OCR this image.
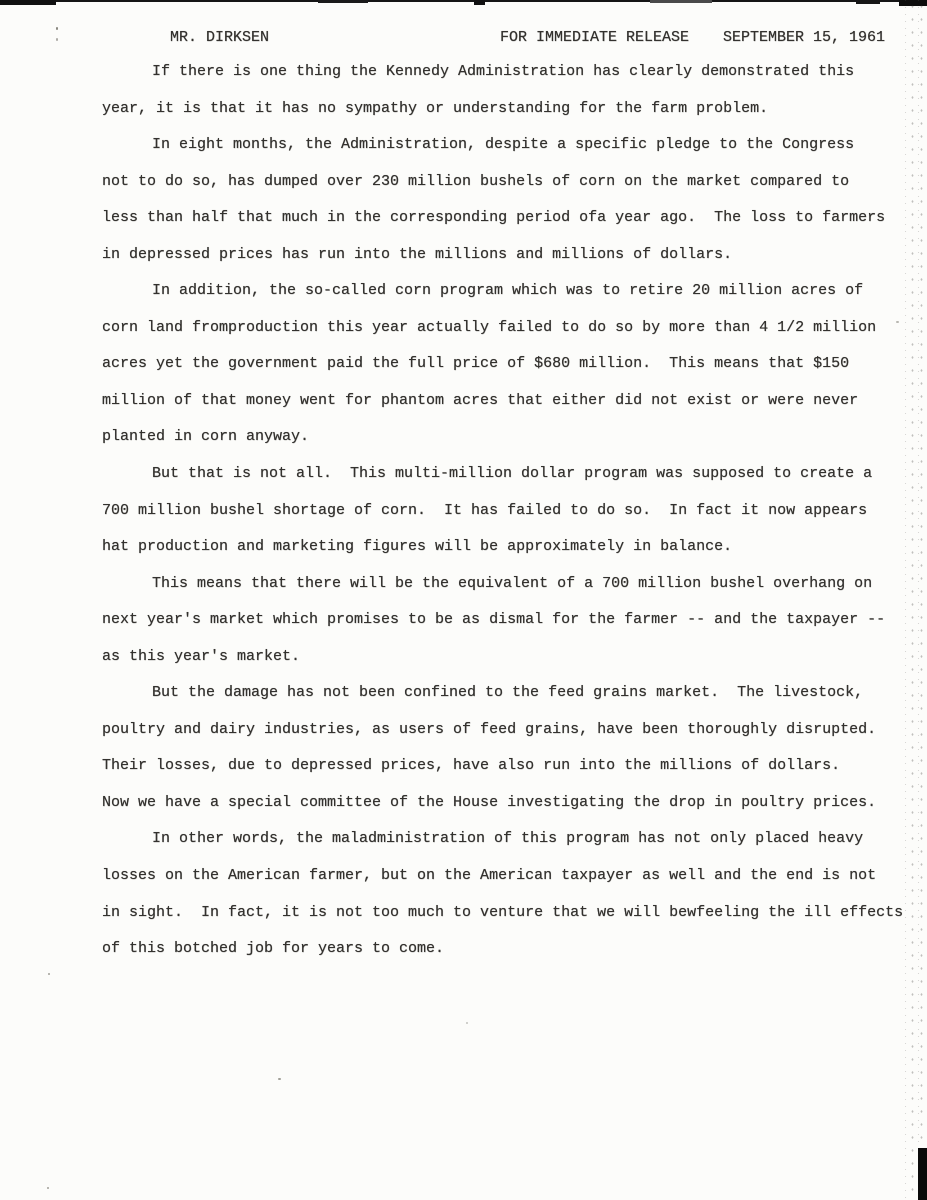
MR. DIRKSEN	FOR IMMEDIATE RELEASE SEPTEMBER 15, 1961
If there is one thing the Kennedy Administration has clearly demonstrated this
year, it is that it has no sympathy or understanding for the farm problem.
In eight months, the Administration, despite a specific pledge to the Congress
not to do so, has dumped over 230 million bushels of corn on the market compared to
less than half that much in the corresponding period ofa year ago.  The loss to farmers
in depressed prices has run into the millions and millions of dollars.
In addition, the so-called corn program which was to retire 20 million acres of
corn land fromproduction this year actually failed to do so by more than 4 1/2 million
acres yet the government paid the full price of $680 million.  This means that $150
million of that money went for phantom acres that either did not exist or were never
planted in corn anyway.
But that is not all.  This multi-million dollar program was supposed to create a
700 million bushel shortage of corn.  It has failed to do so.  In fact it now appears
hat production and marketing figures will be approximately in balance.
This means that there will be the equivalent of a 700 million bushel overhang on
next year's market which promises to be as dismal for the farmer -- and the taxpayer --
as this year's market.
But the damage has not been confined to the feed grains market.  The livestock,
poultry and dairy industries, as users of feed grains, have been thoroughly disrupted.
Their losses, due to depressed prices, have also run into the millions of dollars.
Now we have a special committee of the House investigating the drop in poultry prices.
In other words, the maladministration of this program has not only placed heavy
losses on the American farmer, but on the American taxpayer as well and the end is not
in sight.  In fact, it is not too much to venture that we will bewfeeling the ill effects
of this botched job for years to come.
